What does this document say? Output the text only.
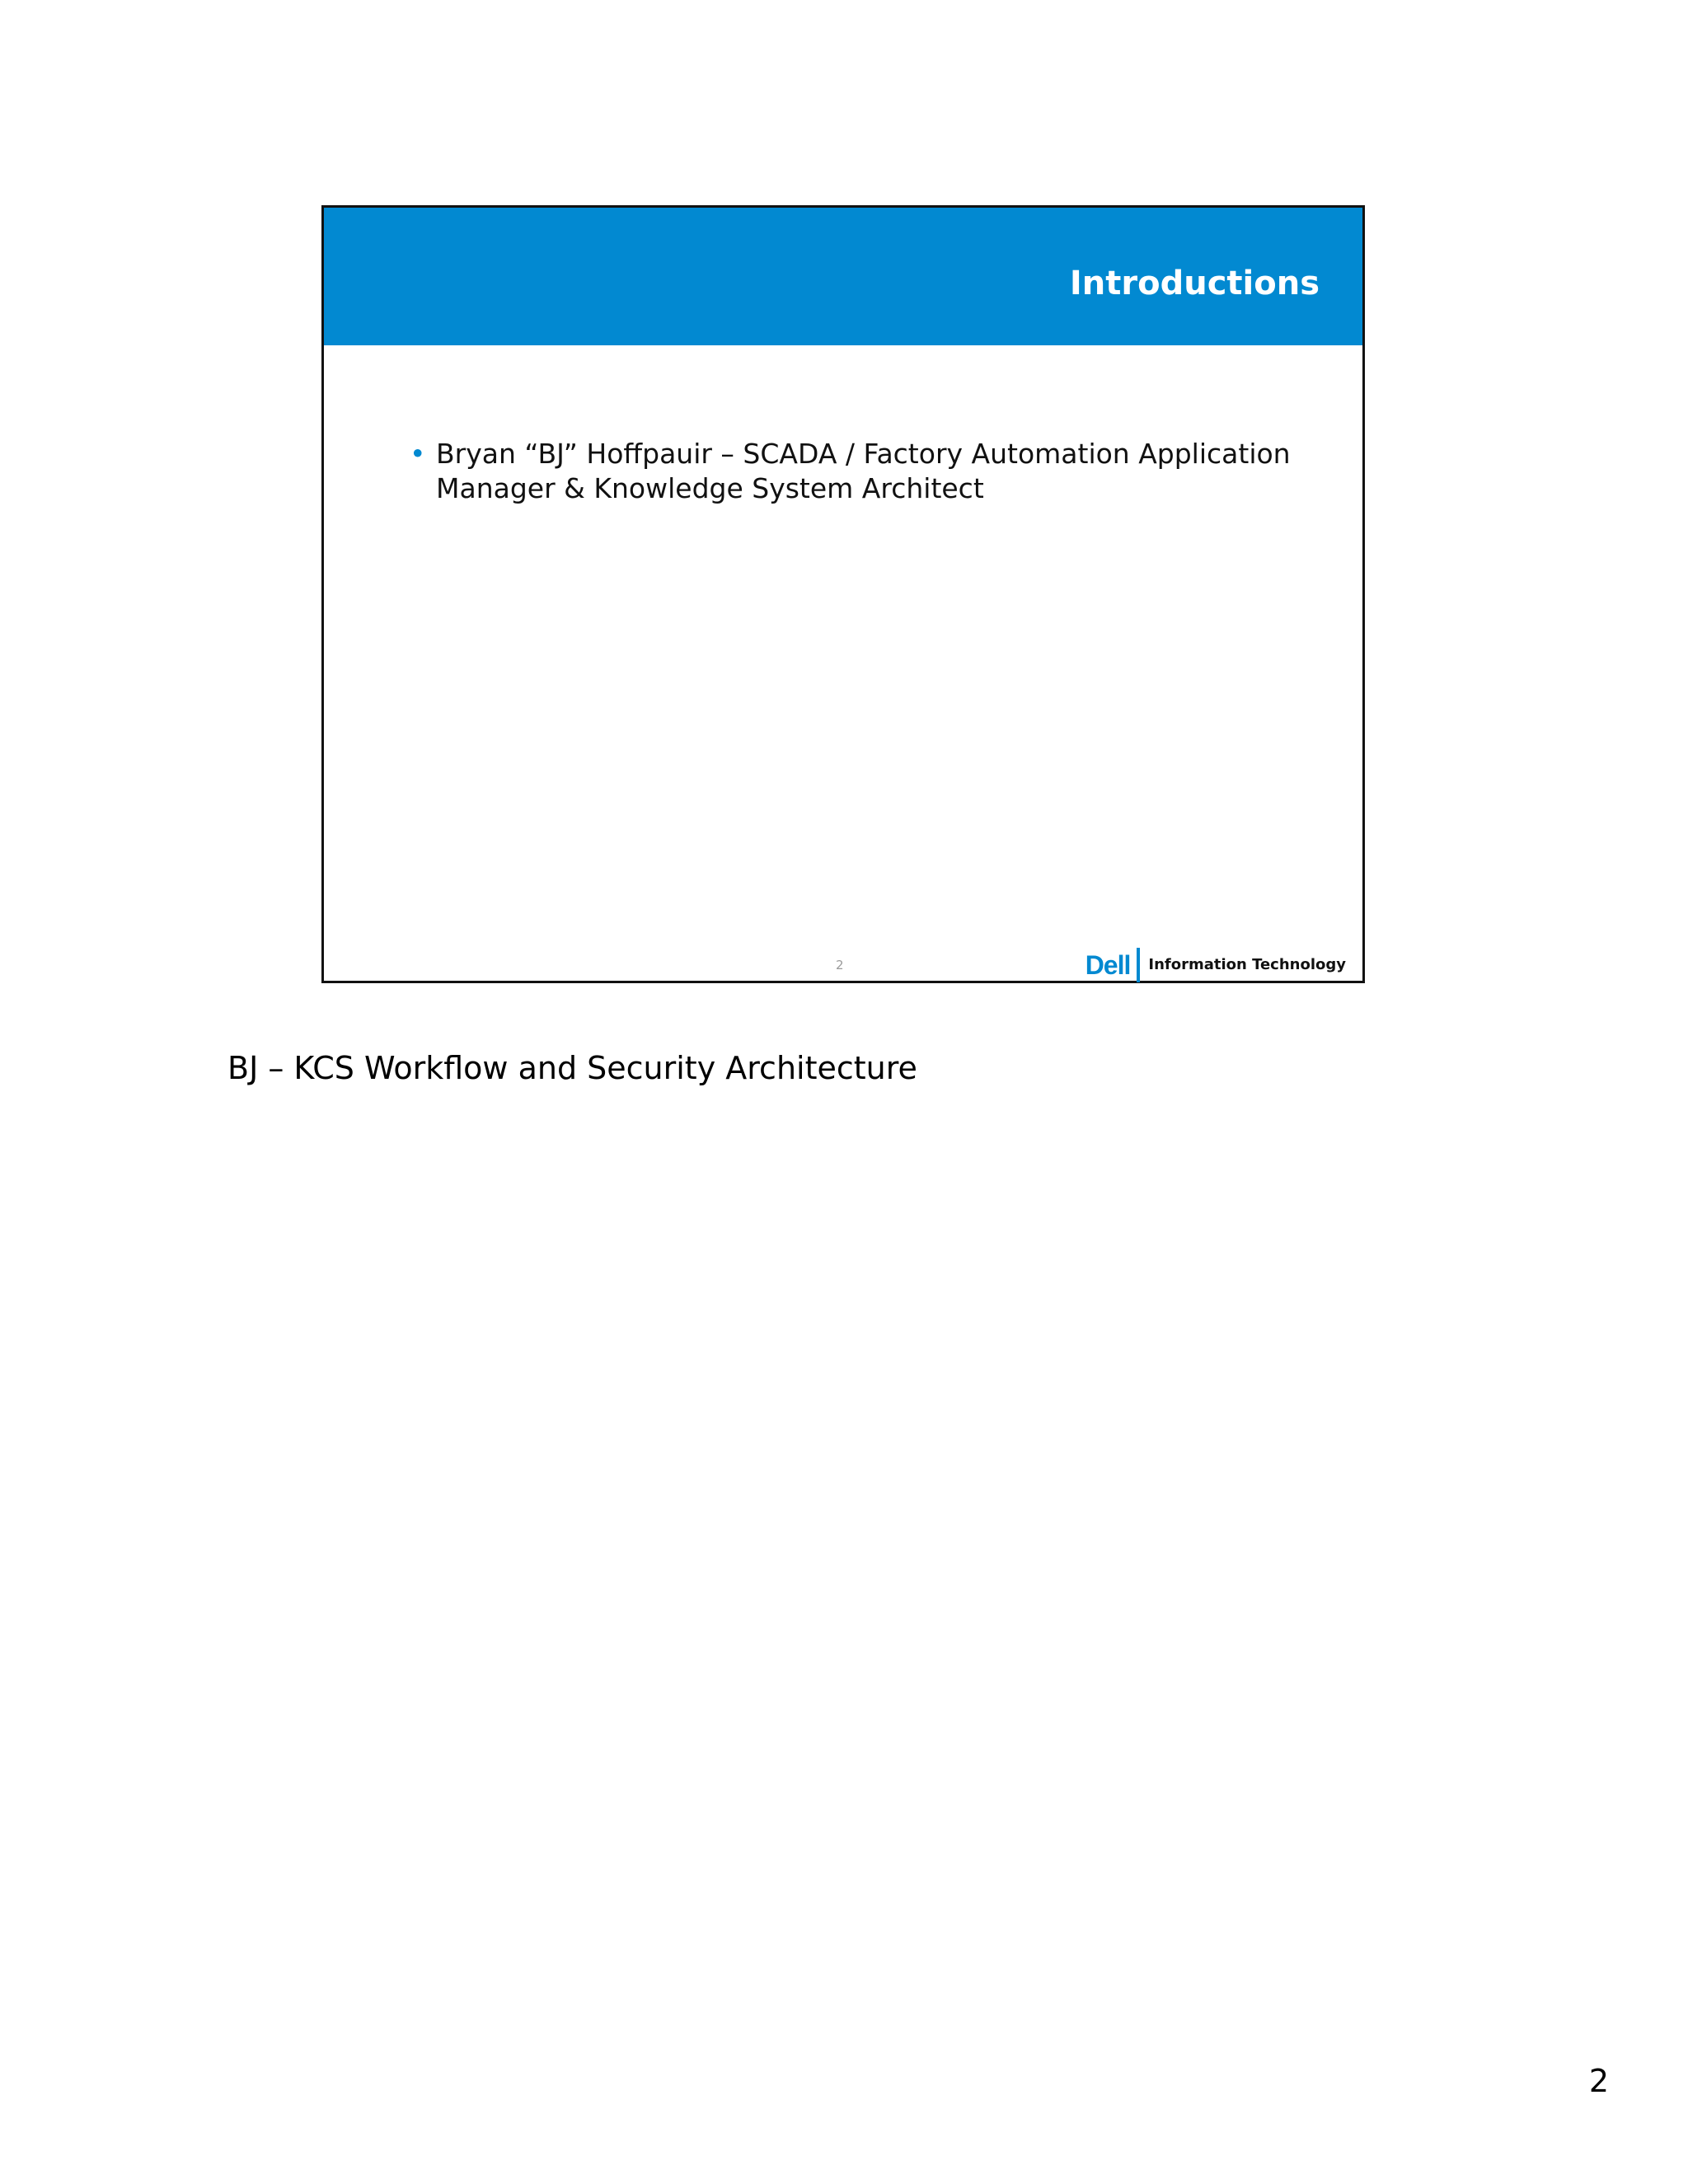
Introductions
• Bryan “BJ” Hoffpauir – SCADA / Factory Automation Application
Manager & Knowledge System Architect
2	Dell Information Technology

BJ – KCS Workflow and Security Architecture

2
